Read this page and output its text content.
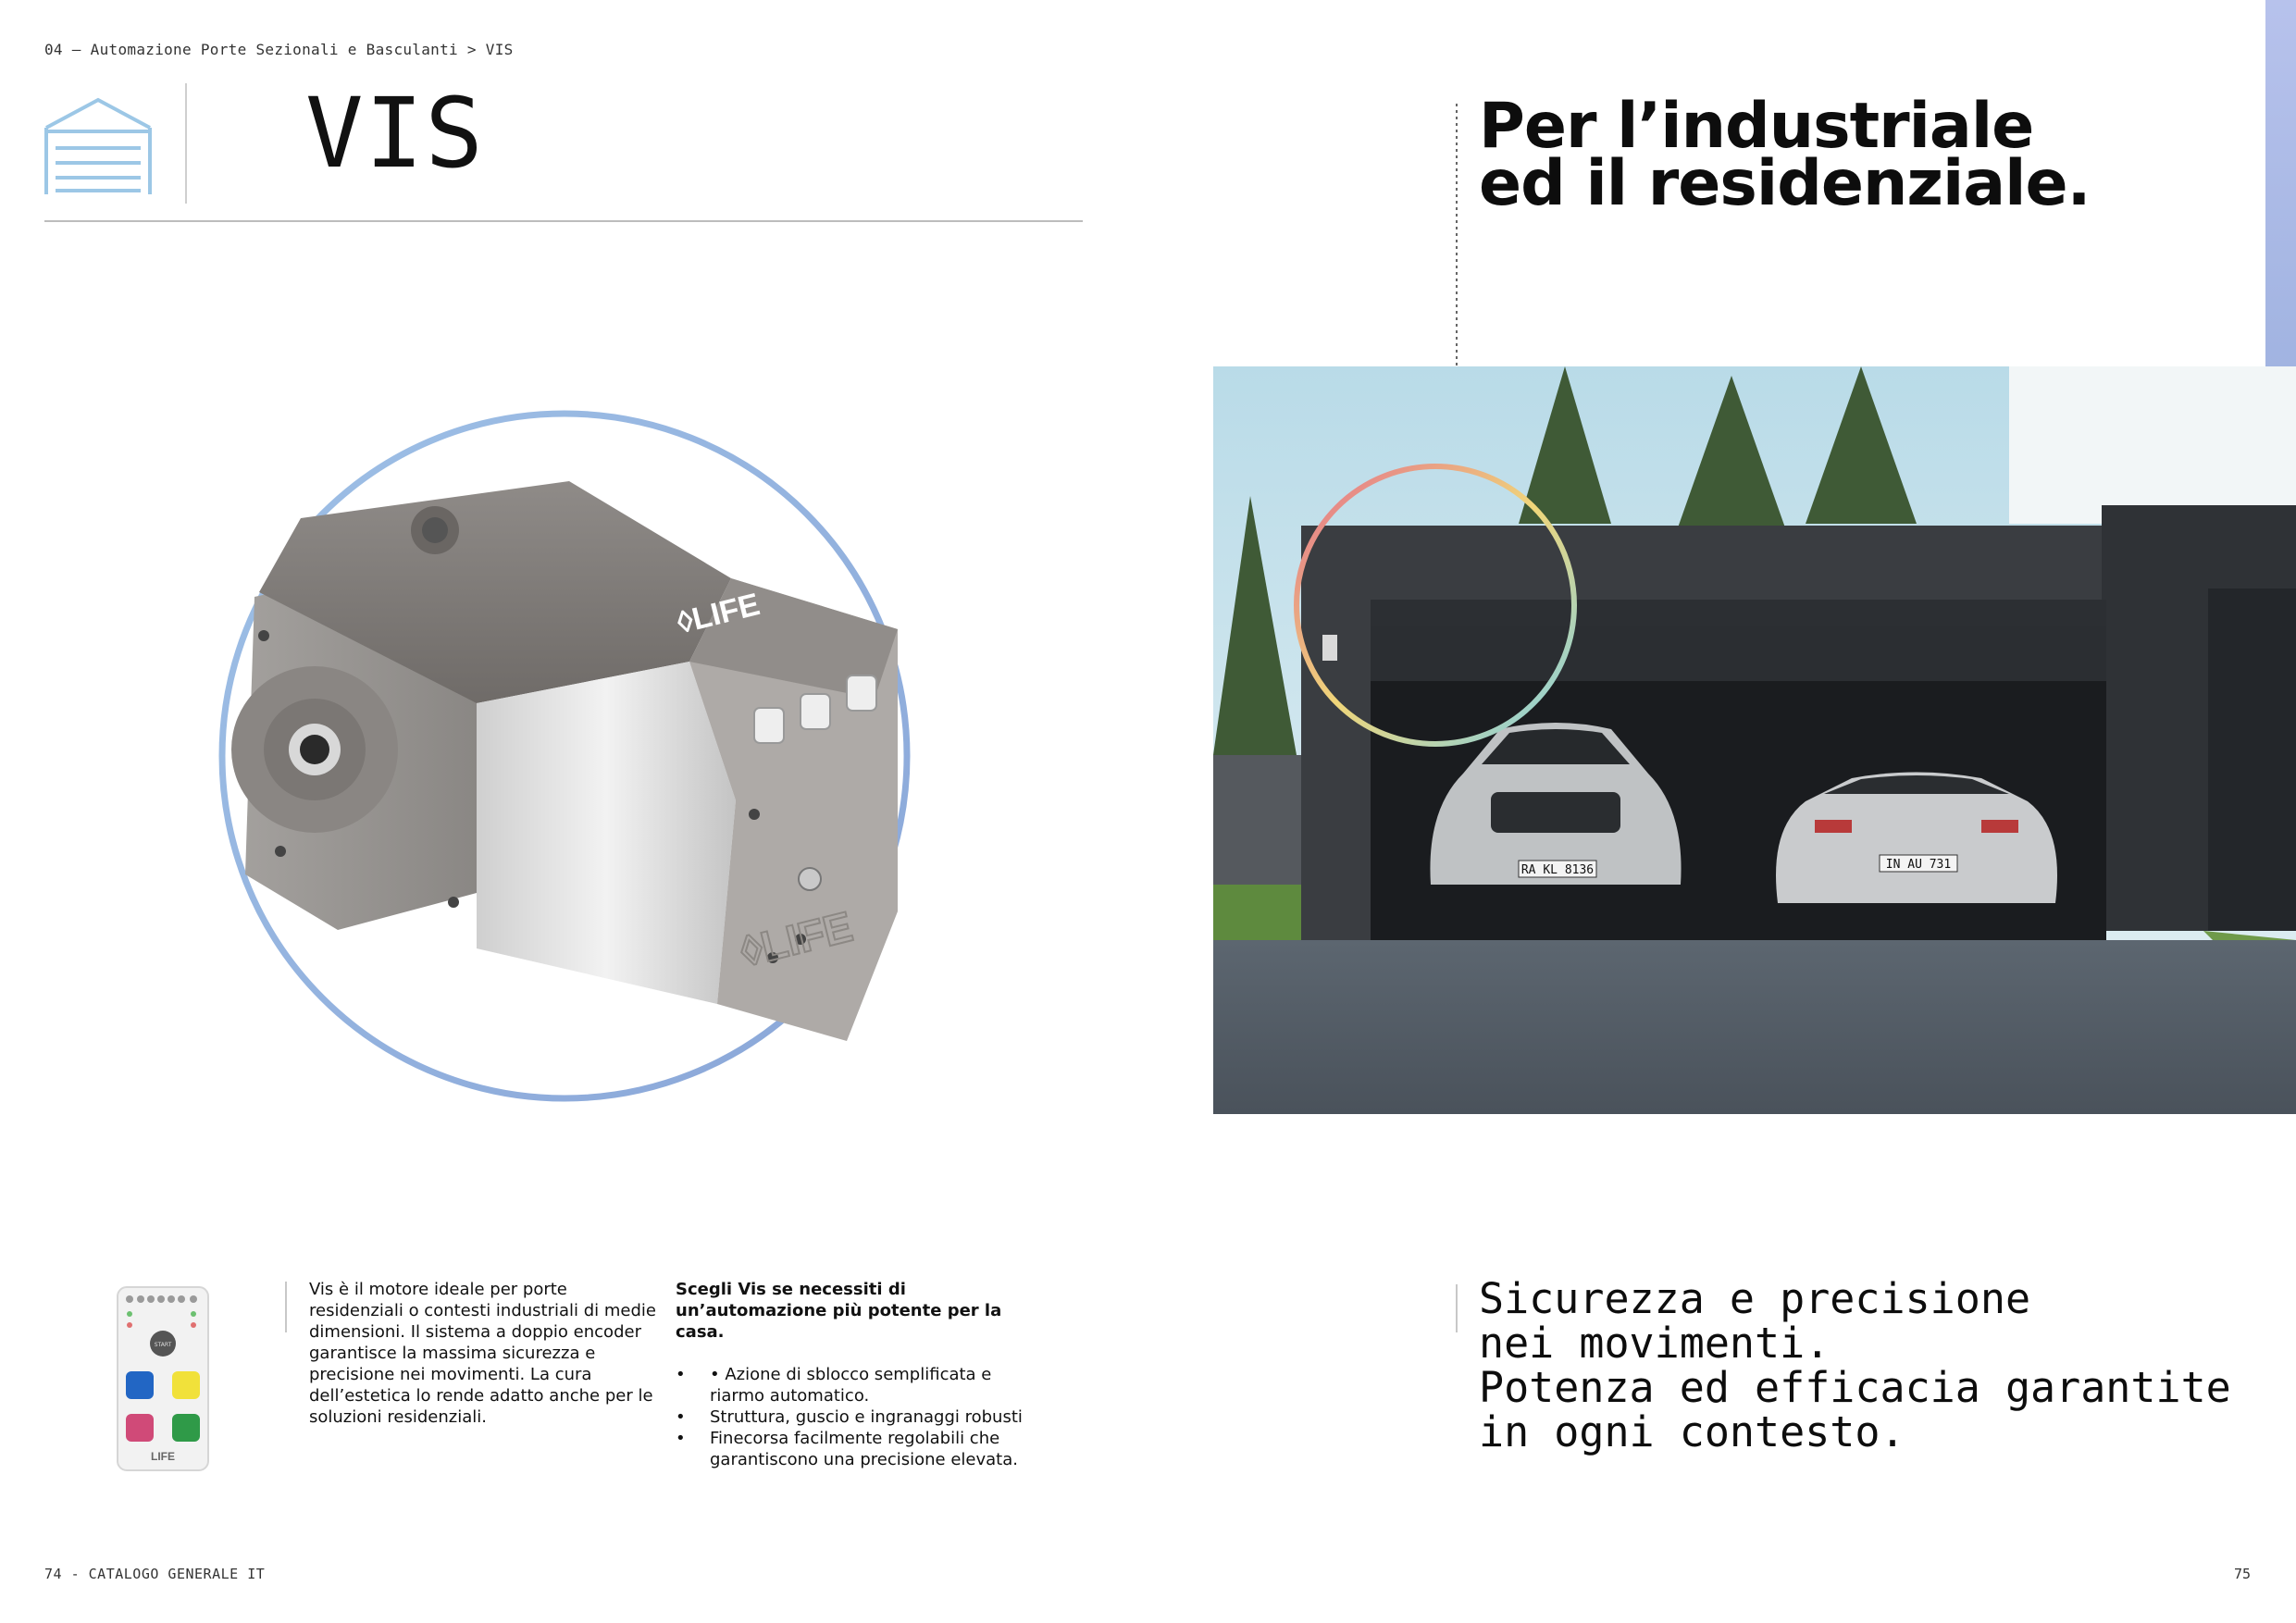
04 — Automazione Porte Sezionali e Basculanti > VIS
VIS
◊LIFE
◊LIFE
START
LIFE
Vis è il motore ideale per porte residenziali o contesti industriali di medie dimensioni. Il sistema a doppio encoder garantisce la massima sicurezza e precisione nei movimenti. La cura dell’estetica lo rende adatto anche per le soluzioni residenziali.
Scegli Vis se necessiti di un’automazione più potente per la casa.
• • Azione di sblocco semplificata e riarmo automatico.
• Struttura, guscio e ingranaggi robusti
• Finecorsa facilmente regolabili che garantiscono una precisione elevata.
74 - CATALOGO GENERALE IT
Per l’industriale
ed il residenziale.
RA KL 8136	IN AU 731
Sicurezza e precisione
nei movimenti.
Potenza ed efficacia garantite
in ogni contesto.
75
